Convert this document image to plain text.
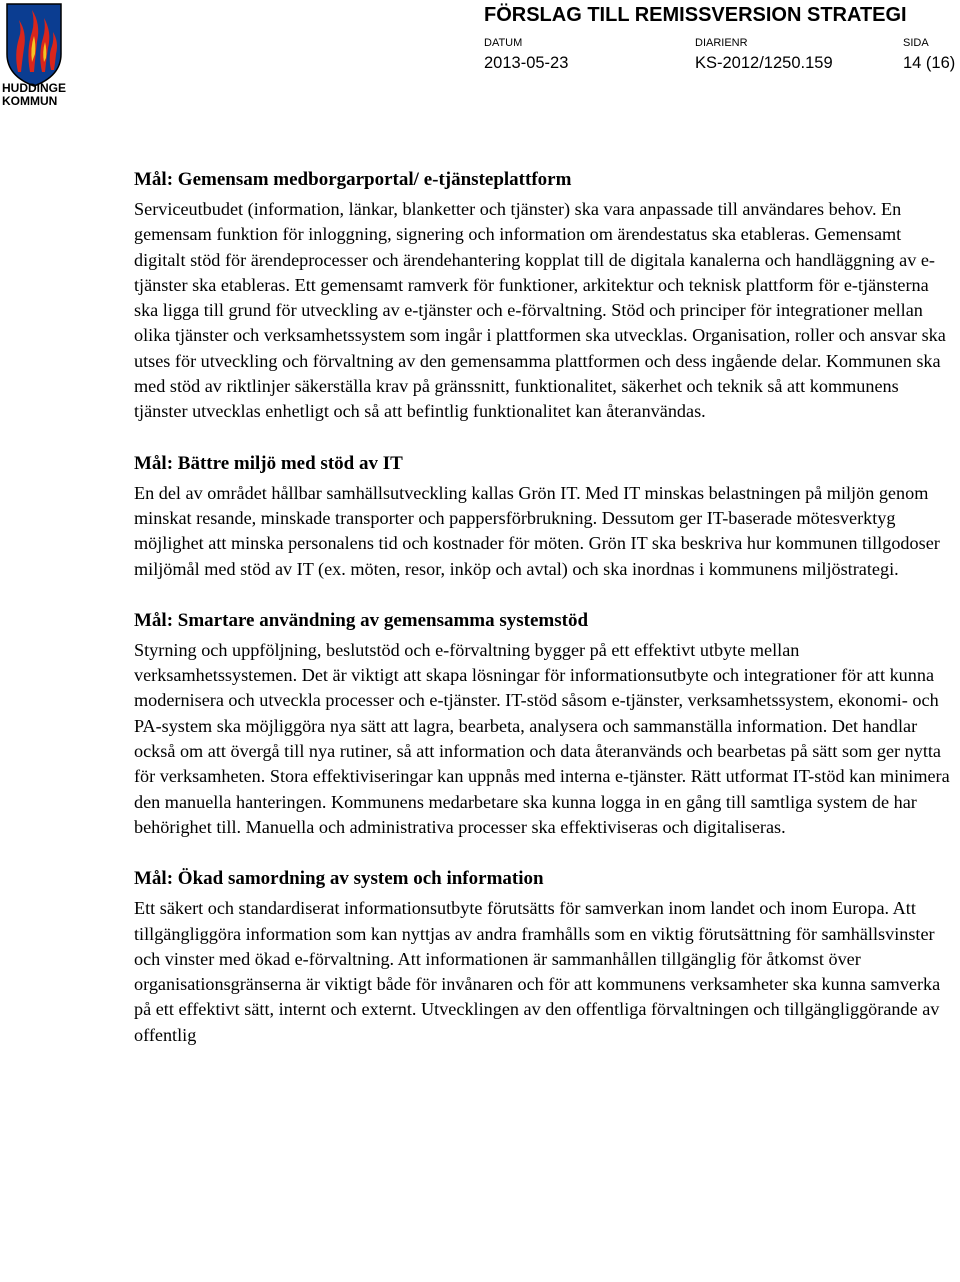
HUDDINGE
KOMMUN
FÖRSLAG TILL REMISSVERSION STRATEGI
DATUM
2013-05-23
DIARIENR
KS-2012/1250.159
SIDA
14 (16)
Mål: Gemensam medborgarportal/ e-tjänsteplattform

Serviceutbudet (information, länkar, blanketter och tjänster) ska vara anpassade till användares behov. En gemensam funktion för inloggning, signering och information om ärendestatus ska etableras. Gemensamt digitalt stöd för ärendeprocesser och ärendehantering kopplat till de digitala kanalerna och handläggning av e-tjänster ska etableras. Ett gemensamt ramverk för funktioner, arkitektur och teknisk plattform för e-tjänsterna ska ligga till grund för utveckling av e-tjänster och e-förvaltning. Stöd och principer för integrationer mellan olika tjänster och verksamhetssystem som ingår i plattformen ska utvecklas. Organisation, roller och ansvar ska utses för utveckling och förvaltning av den gemensamma plattformen och dess ingående delar. Kommunen ska med stöd av riktlinjer säkerställa krav på gränssnitt, funktionalitet, säkerhet och teknik så att kommunens tjänster utvecklas enhetligt och så att befintlig funktionalitet kan återanvändas.

Mål: Bättre miljö med stöd av IT

En del av området hållbar samhällsutveckling kallas Grön IT. Med IT minskas belastningen på miljön genom minskat resande, minskade transporter och pappersförbrukning. Dessutom ger IT-baserade mötesverktyg möjlighet att minska personalens tid och kostnader för möten. Grön IT ska beskriva hur kommunen tillgodoser miljömål med stöd av IT (ex. möten, resor, inköp och avtal) och ska inordnas i kommunens miljöstrategi.

Mål: Smartare användning av gemensamma systemstöd

Styrning och uppföljning, beslutstöd och e-förvaltning bygger på ett effektivt utbyte mellan verksamhetssystemen. Det är viktigt att skapa lösningar för informationsutbyte och integrationer för att kunna modernisera och utveckla processer och e-tjänster. IT-stöd såsom e-tjänster, verksamhetssystem, ekonomi- och PA-system ska möjliggöra nya sätt att lagra, bearbeta, analysera och sammanställa information. Det handlar också om att övergå till nya rutiner, så att information och data återanvänds och bearbetas på sätt som ger nytta för verksamheten. Stora effektiviseringar kan uppnås med interna e-tjänster. Rätt utformat IT-stöd kan minimera den manuella hanteringen. Kommunens medarbetare ska kunna logga in en gång till samtliga system de har behörighet till. Manuella och administrativa processer ska effektiviseras och digitaliseras.

Mål: Ökad samordning av system och information

Ett säkert och standardiserat informationsutbyte förutsätts för samverkan inom landet och inom Europa. Att tillgängliggöra information som kan nyttjas av andra framhålls som en viktig förutsättning för samhällsvinster och vinster med ökad e-förvaltning. Att informationen är sammanhållen tillgänglig för åtkomst över organisationsgränserna är viktigt både för invånaren och för att kommunens verksamheter ska kunna samverka på ett effektivt sätt, internt och externt. Utvecklingen av den offentliga förvaltningen och tillgängliggörande av offentlig
